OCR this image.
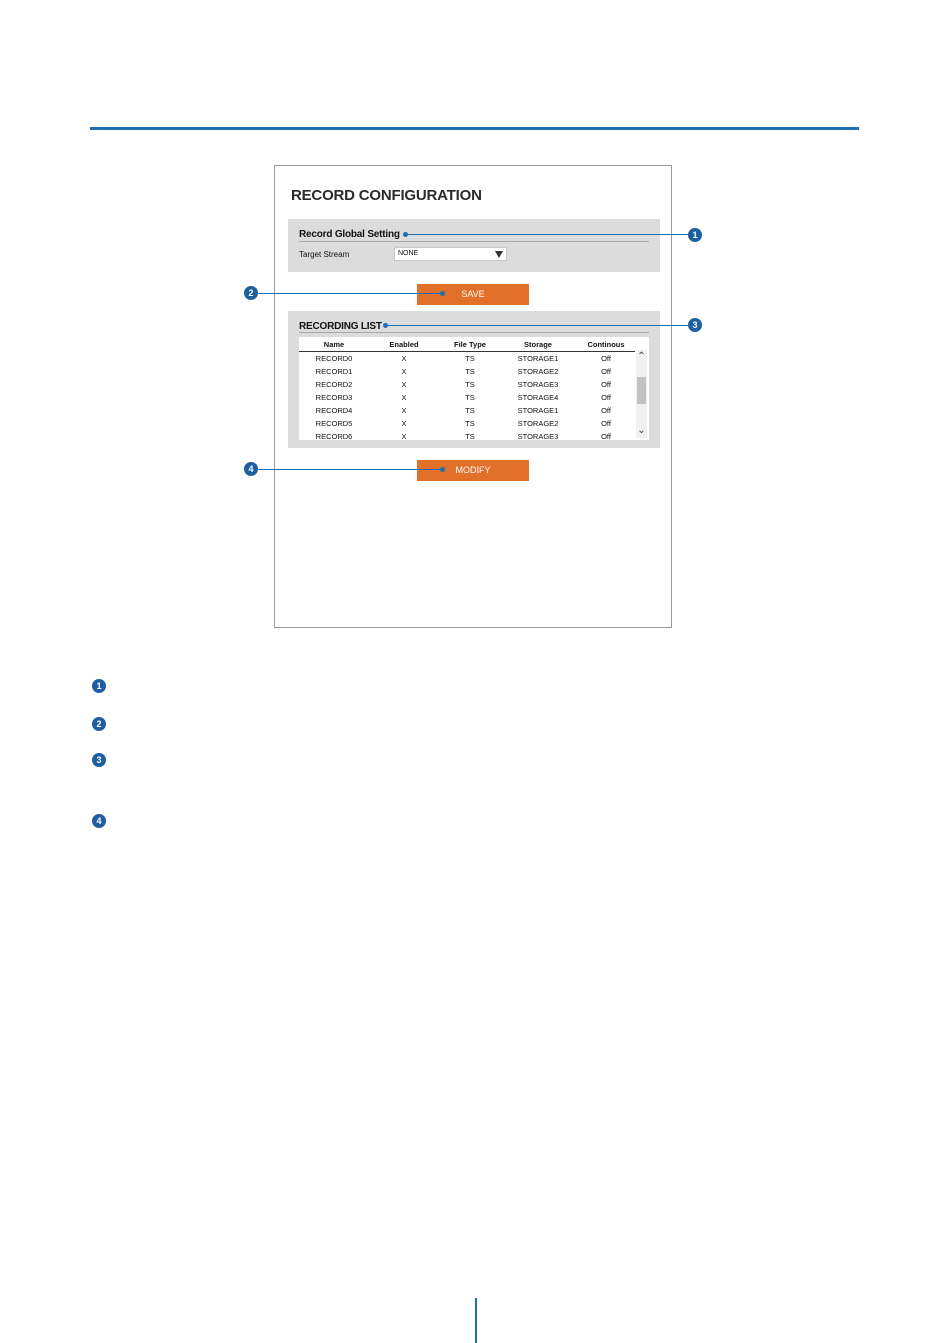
RECORD CONFIGURATION
Record Global Setting
Target Stream	NONE
SAVE
RECORDING LIST
Name	Enabled	File Type	Storage	Continous
RECORD0	X	TS	STORAGE1	Off
RECORD1	X	TS	STORAGE2	Off
RECORD2	X	TS	STORAGE3	Off
RECORD3	X	TS	STORAGE4	Off
RECORD4	X	TS	STORAGE1	Off
RECORD5	X	TS	STORAGE2	Off
RECORD6	X	TS	STORAGE3	Off
⌃
⌄
MODIFY
1
2
3
4
1
2
3
4
